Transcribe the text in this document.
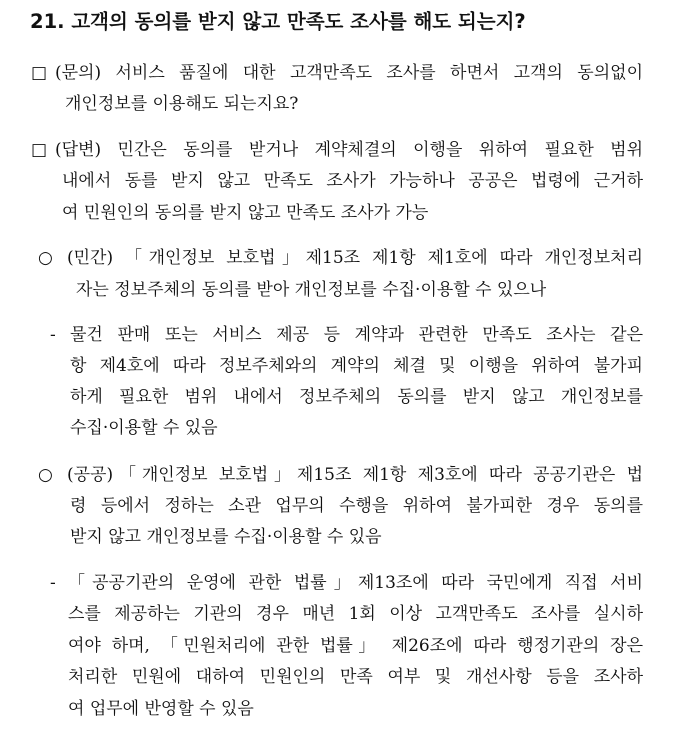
21. 고객의 동의를 받지 않고 만족도 조사를 해도 되는지?
□ (문의) 서비스 품질에 대한 고객만족도 조사를 하면서 고객의 동의없이
개인정보를 이용해도 되는지요?
□ (답변) 민간은 동의를 받거나 계약체결의 이행을 위하여 필요한 범위
내에서 동를 받지 않고 만족도 조사가 가능하나 공공은 법령에 근거하
여 민원인의 동의를 받지 않고 만족도 조사가 가능
○ (민간) 「개인정보 보호법」제15조 제1항 제1호에 따라 개인정보처리
자는 정보주체의 동의를 받아 개인정보를 수집·이용할 수 있으나
- 물건 판매 또는 서비스 제공 등 계약과 관련한 만족도 조사는 같은
항 제4호에 따라 정보주체와의 계약의 체결 및 이행을 위하여 불가피
하게 필요한 범위 내에서 정보주체의 동의를 받지 않고 개인정보를
수집·이용할 수 있음
○ (공공)「개인정보 보호법」제15조 제1항 제3호에 따라 공공기관은 법
령 등에서 정하는 소관 업무의 수행을 위하여 불가피한 경우 동의를
받지 않고 개인정보를 수집·이용할 수 있음
- 「공공기관의 운영에 관한 법률」제13조에 따라 국민에게 직접 서비
스를 제공하는 기관의 경우 매년 1회 이상 고객만족도 조사를 실시하
여야 하며, 「민원처리에 관한 법률」 제26조에 따라 행정기관의 장은
처리한 민원에 대하여 민원인의 만족 여부 및 개선사항 등을 조사하
여 업무에 반영할 수 있음
